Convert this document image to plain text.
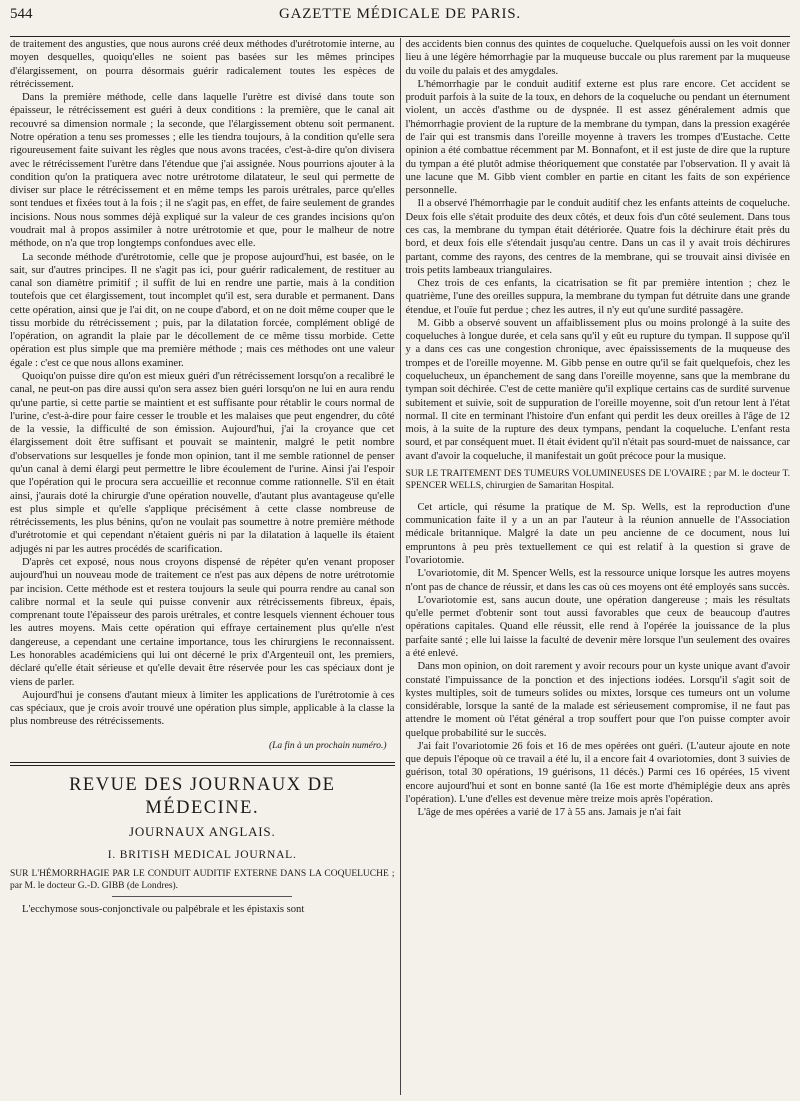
544	GAZETTE MÉDICALE DE PARIS.

de traitement des angusties, que nous aurons créé deux méthodes d'urétrotomie interne, au moyen desquelles, quoiqu'elles ne soient pas basées sur les mêmes principes d'élargissement, on pourra désormais guérir radicalement toutes les espèces de rétrécissement.

Dans la première méthode, celle dans laquelle l'urètre est divisé dans toute son épaisseur, le rétrécissement est guéri à deux conditions : la première, que le canal ait recouvré sa dimension normale ; la seconde, que l'élargissement obtenu soit permanent. Notre opération a tenu ses promesses ; elle les tiendra toujours, à la condition qu'elle sera rigoureusement faite suivant les règles que nous avons tracées, c'est-à-dire qu'on divisera avec le rétrécissement l'urètre dans l'étendue que j'ai assignée. Nous pourrions ajouter à la condition qu'on la pratiquera avec notre urétrotome dilatateur, le seul qui permette de diviser sur place le rétrécissement et en même temps les parois urétrales, parce qu'elles sont tendues et fixées tout à la fois ; il ne s'agit pas, en effet, de faire seulement de grandes incisions. Nous nous sommes déjà expliqué sur la valeur de ces grandes incisions qu'on voudrait mal à propos assimiler à notre urétrotomie et que, pour le malheur de notre méthode, on n'a que trop longtemps confondues avec elle.

La seconde méthode d'urétrotomie, celle que je propose aujourd'hui, est basée, on le sait, sur d'autres principes. Il ne s'agit pas ici, pour guérir radicalement, de restituer au canal son diamètre primitif ; il suffit de lui en rendre une partie, mais à la condition toutefois que cet élargissement, tout incomplet qu'il est, sera durable et permanent. Dans cette opération, ainsi que je l'ai dit, on ne coupe d'abord, et on ne doit même couper que le tissu morbide du rétrécissement ; puis, par la dilatation forcée, complément obligé de l'opération, on agrandit la plaie par le décollement de ce même tissu morbide. Cette opération est plus simple que ma première méthode ; mais ces méthodes ont une valeur égale : c'est ce que nous allons examiner.

Quoiqu'on puisse dire qu'on est mieux guéri d'un rétrécissement lorsqu'on a recalibré le canal, ne peut-on pas dire aussi qu'on sera assez bien guéri lorsqu'on ne lui en aura rendu qu'une partie, si cette partie se maintient et est suffisante pour rétablir le cours normal de l'urine, c'est-à-dire pour faire cesser le trouble et les malaises que peut engendrer, du côté de la vessie, la difficulté de son émission. Aujourd'hui, j'ai la croyance que cet élargissement doit être suffisant et pouvait se maintenir, malgré le petit nombre d'observations sur lesquelles je fonde mon opinion, tant il me semble rationnel de penser qu'un canal à demi élargi peut permettre le libre écoulement de l'urine. Ainsi j'ai l'espoir que l'opération qui le procura sera accueillie et reconnue comme rationnelle. S'il en était ainsi, j'aurais doté la chirurgie d'une opération nouvelle, d'autant plus avantageuse qu'elle est plus simple et qu'elle s'applique précisément à cette classe nombreuse de rétrécissements, les plus bénins, qu'on ne voulait pas soumettre à notre première méthode d'urétrotomie et qui cependant n'étaient guéris ni par la dilatation à laquelle ils étaient adjugés ni par les autres procédés de scarification.

D'après cet exposé, nous nous croyons dispensé de répéter qu'en venant proposer aujourd'hui un nouveau mode de traitement ce n'est pas aux dépens de notre urétrotomie par incision. Cette méthode est et restera toujours la seule qui pourra rendre au canal son calibre normal et la seule qui puisse convenir aux rétrécissements fibreux, épais, comprenant toute l'épaisseur des parois urétrales, et contre lesquels viennent échouer tous les autres moyens. Mais cette opération qui effraye certainement plus qu'elle n'est dangereuse, a cependant une certaine importance, tous les chirurgiens le reconnaissent. Les honorables académiciens qui lui ont décerné le prix d'Argenteuil ont, les premiers, déclaré qu'elle était sérieuse et qu'elle devait être réservée pour les cas spéciaux dont je viens de parler.

Aujourd'hui je consens d'autant mieux à limiter les applications de l'urétrotomie à ces cas spéciaux, que je crois avoir trouvé une opération plus simple, applicable à la classe la plus nombreuse des rétrécissements.

(La fin à un prochain numéro.)
REVUE DES JOURNAUX DE MÉDECINE.
JOURNAUX ANGLAIS.
I. BRITISH MEDICAL JOURNAL.
SUR L'HÉMORRHAGIE PAR LE CONDUIT AUDITIF EXTERNE DANS LA COQUELUCHE ; par M. le docteur G.-D. GIBB (de Londres).

L'ecchymose sous-conjonctivale ou palpébrale et les épistaxis sont

des accidents bien connus des quintes de coqueluche. Quelquefois aussi on les voit donner lieu à une légère hémorrhagie par la muqueuse buccale ou plus rarement par la muqueuse du voile du palais et des amygdales.

L'hémorrhagie par le conduit auditif externe est plus rare encore. Cet accident se produit parfois à la suite de la toux, en dehors de la coqueluche ou pendant un éternument violent, un accès d'asthme ou de dyspnée. Il est assez généralement admis que l'hémorrhagie provient de la rupture de la membrane du tympan, dans la pression exagérée de l'air qui est transmis dans l'oreille moyenne à travers les trompes d'Eustache. Cette opinion a été combattue récemment par M. Bonnafont, et il est juste de dire que la rupture du tympan a été plutôt admise théoriquement que constatée par l'observation. Il y avait là une lacune que M. Gibb vient combler en partie en citant les faits de son expérience personnelle.

Il a observé l'hémorrhagie par le conduit auditif chez les enfants atteints de coqueluche. Deux fois elle s'était produite des deux côtés, et deux fois d'un côté seulement. Dans tous ces cas, la membrane du tympan était détériorée. Quatre fois la déchirure était près du bord, et deux fois elle s'étendait jusqu'au centre. Dans un cas il y avait trois déchirures partant, comme des rayons, des centres de la membrane, qui se trouvait ainsi divisée en trois petits lambeaux triangulaires.

Chez trois de ces enfants, la cicatrisation se fit par première intention ; chez le quatrième, l'une des oreilles suppura, la membrane du tympan fut détruite dans une grande étendue, et l'ouïe fut perdue ; chez les autres, il n'y eut qu'une surdité passagère.

M. Gibb a observé souvent un affaiblissement plus ou moins prolongé à la suite des coqueluches à longue durée, et cela sans qu'il y eût eu rupture du tympan. Il suppose qu'il y a dans ces cas une congestion chronique, avec épaississements de la muqueuse des trompes et de l'oreille moyenne. M. Gibb pense en outre qu'il se fait quelquefois, chez les coquelucheux, un épanchement de sang dans l'oreille moyenne, sans que la membrane du tympan soit déchirée. C'est de cette manière qu'il explique certains cas de surdité survenue subitement et suivie, soit de suppuration de l'oreille moyenne, soit d'un retour lent à l'état normal. Il cite en terminant l'histoire d'un enfant qui perdit les deux oreilles à l'âge de 12 mois, à la suite de la rupture des deux tympans, pendant la coqueluche. L'enfant resta sourd, et par conséquent muet. Il était évident qu'il n'était pas sourd-muet de naissance, car avant d'avoir la coqueluche, il manifestait un goût précoce pour la musique.

SUR LE TRAITEMENT DES TUMEURS VOLUMINEUSES DE L'OVAIRE ; par M. le docteur T. SPENCER WELLS, chirurgien de Samaritan Hospital.

Cet article, qui résume la pratique de M. Sp. Wells, est la reproduction d'une communication faite il y a un an par l'auteur à la réunion annuelle de l'Association médicale britannique. Malgré la date un peu ancienne de ce document, nous lui empruntons à peu près textuellement ce qui est relatif à la question si grave de l'ovariotomie.

L'ovariotomie, dit M. Spencer Wells, est la ressource unique lorsque les autres moyens n'ont pas de chance de réussir, et dans les cas où ces moyens ont été employés sans succès.

L'ovariotomie est, sans aucun doute, une opération dangereuse ; mais les résultats qu'elle permet d'obtenir sont tout aussi favorables que ceux de beaucoup d'autres opérations capitales. Quand elle réussit, elle rend à l'opérée la jouissance de la plus parfaite santé ; elle lui laisse la faculté de devenir mère lorsque l'un seulement des ovaires a été enlevé.

Dans mon opinion, on doit rarement y avoir recours pour un kyste unique avant d'avoir constaté l'impuissance de la ponction et des injections iodées. Lorsqu'il s'agit soit de kystes multiples, soit de tumeurs solides ou mixtes, lorsque ces tumeurs ont un volume considérable, lorsque la santé de la malade est sérieusement compromise, il ne faut pas attendre le moment où l'état général a trop souffert pour que l'on puisse compter avoir quelque probabilité sur le succès.

J'ai fait l'ovariotomie 26 fois et 16 de mes opérées ont guéri. (L'auteur ajoute en note que depuis l'époque où ce travail a été lu, il a encore fait 4 ovariotomies, dont 3 suivies de guérison, total 30 opérations, 19 guérisons, 11 décès.) Parmi ces 16 opérées, 15 vivent encore aujourd'hui et sont en bonne santé (la 16e est morte d'hémiplégie deux ans après l'opération). L'une d'elles est devenue mère treize mois après l'opération.

L'âge de mes opérées a varié de 17 à 55 ans. Jamais je n'ai fait
